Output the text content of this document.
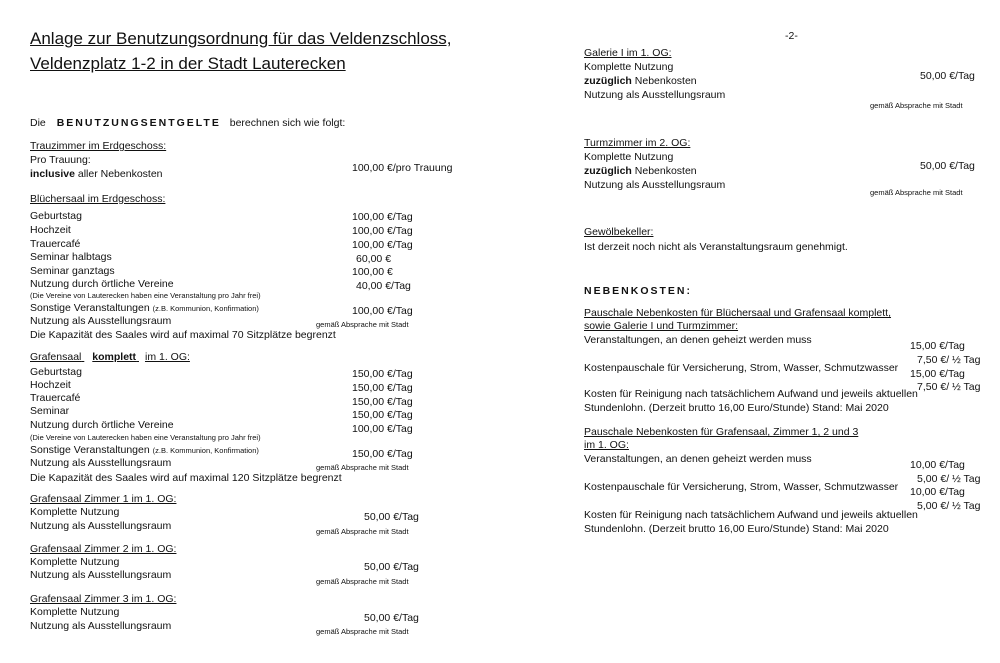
Anlage zur Benutzungsordnung für das Veldenzschloss,
Veldenzplatz 1-2 in der Stadt Lauterecken
-2-
Die BENUTZUNGSENTGELTE berechnen sich wie folgt:
Trauzimmer im Erdgeschoss:
Pro Trauung:
100,00 €/pro Trauung
inclusive aller Nebenkosten
Blüchersaal im Erdgeschoss:
Geburtstag	100,00 €/Tag
Hochzeit	100,00 €/Tag
Trauercafé	100,00 €/Tag
Seminar halbtags	60,00 €
Seminar ganztags	100,00 €
Nutzung durch örtliche Vereine	40,00 €/Tag
(Die Vereine von Lauterecken haben eine Veranstaltung pro Jahr frei)
Sonstige Veranstaltungen (z.B. Kommunion, Konfirmation)	100,00 €/Tag
Nutzung als Ausstellungsraum	gemäß Absprache mit Stadt
Die Kapazität des Saales wird auf maximal 70 Sitzplätze begrenzt
Grafensaal komplett im 1. OG:
Geburtstag	150,00 €/Tag
Hochzeit	150,00 €/Tag
Trauercafé	150,00 €/Tag
Seminar	150,00 €/Tag
Nutzung durch örtliche Vereine	100,00 €/Tag
(Die Vereine von Lauterecken haben eine Veranstaltung pro Jahr frei)
Sonstige Veranstaltungen (z.B. Kommunion, Konfirmation)	150,00 €/Tag
Nutzung als Ausstellungsraum	gemäß Absprache mit Stadt
Die Kapazität des Saales wird auf maximal 120 Sitzplätze begrenzt
Grafensaal Zimmer 1 im 1. OG:
Komplette Nutzung	50,00 €/Tag
Nutzung als Ausstellungsraum	gemäß Absprache mit Stadt
Grafensaal Zimmer 2 im 1. OG:
Komplette Nutzung	50,00 €/Tag
Nutzung als Ausstellungsraum
gemäß Absprache mit Stadt
Grafensaal Zimmer 3 im 1. OG:
Komplette Nutzung	50,00 €/Tag
Nutzung als Ausstellungsraum	gemäß Absprache mit Stadt
Galerie I im 1. OG:
Komplette Nutzung
zuzüglich Nebenkosten	50,00 €/Tag
Nutzung als Ausstellungsraum
gemäß Absprache mit Stadt
Turmzimmer im 2. OG:
Komplette Nutzung
zuzüglich Nebenkosten	50,00 €/Tag
Nutzung als Ausstellungsraum
gemäß Absprache mit Stadt
Gewölbekeller:
Ist derzeit noch nicht als Veranstaltungsraum genehmigt.
NEBENKOSTEN:
Pauschale Nebenkosten für Blüchersaal und Grafensaal komplett,
sowie Galerie I und Turmzimmer:
Veranstaltungen, an denen geheizt werden muss	15,00 €/Tag
7,50 €/ ½ Tag
Kostenpauschale für Versicherung, Strom, Wasser, Schmutzwasser 15,00 €/Tag
7,50 €/ ½ Tag
Kosten für Reinigung nach tatsächlichem Aufwand und jeweils aktuellen
Stundenlohn. (Derzeit brutto 16,00 Euro/Stunde) Stand: Mai 2020
Pauschale Nebenkosten für Grafensaal, Zimmer 1, 2 und 3
im 1. OG:
Veranstaltungen, an denen geheizt werden muss	10,00 €/Tag
5,00 €/ ½ Tag
Kostenpauschale für Versicherung, Strom, Wasser, Schmutzwasser 10,00 €/Tag
5,00 €/ ½ Tag
Kosten für Reinigung nach tatsächlichem Aufwand und jeweils aktuellen
Stundenlohn. (Derzeit brutto 16,00 Euro/Stunde) Stand: Mai 2020
